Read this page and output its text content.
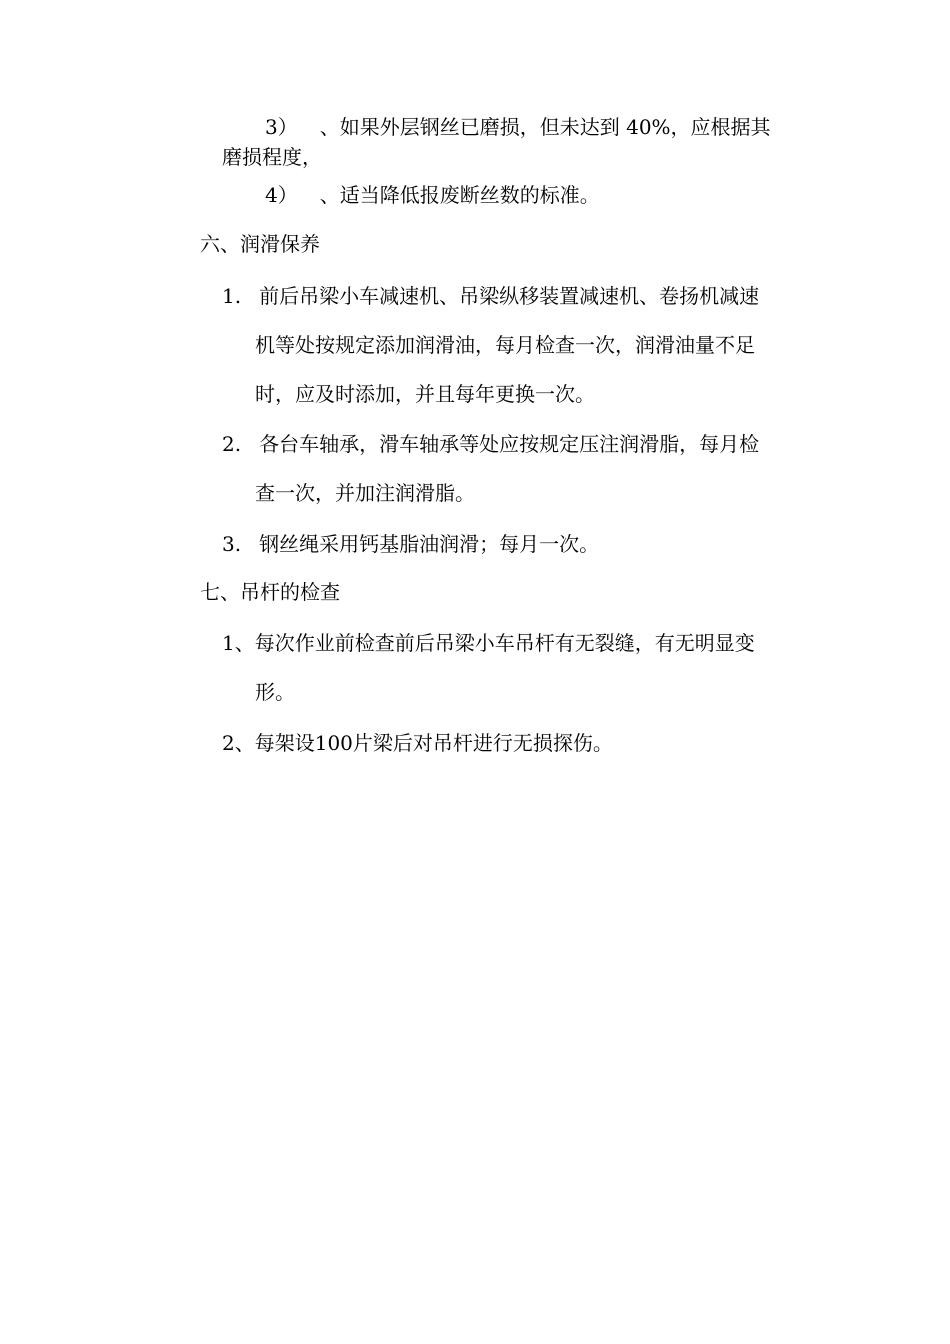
3） 、如果外层钢丝已磨损，但未达到 40%，应根据其
磨损程度，
4） 、适当降低报废断丝数的标准。
六、润滑保养
1. 前后吊梁小车减速机、吊梁纵移装置减速机、卷扬机减速
机等处按规定添加润滑油，每月检查一次，润滑油量不足
时，应及时添加，并且每年更换一次。
2. 各台车轴承，滑车轴承等处应按规定压注润滑脂，每月检
查一次，并加注润滑脂。
3. 钢丝绳采用钙基脂油润滑；每月一次。
七、吊杆的检查
1、每次作业前检查前后吊梁小车吊杆有无裂缝，有无明显变
形。
2、每架设100片梁后对吊杆进行无损探伤。
